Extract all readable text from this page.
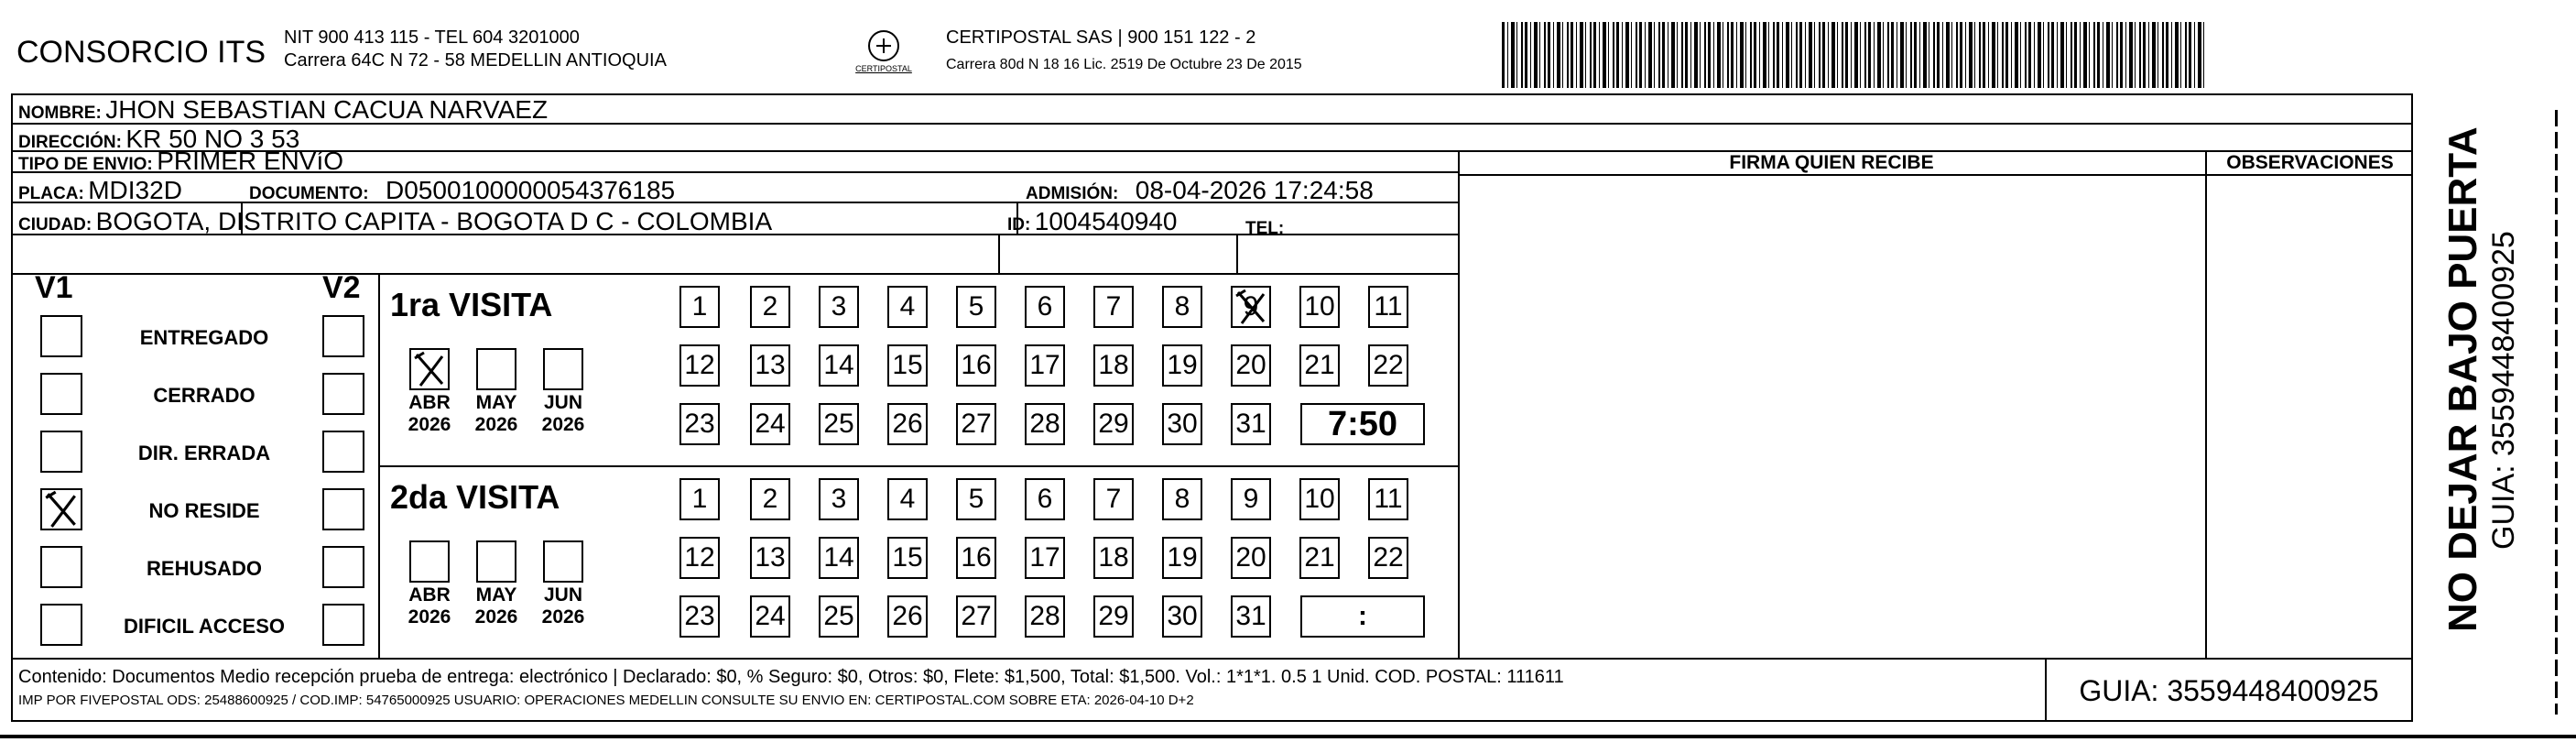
CONSORCIO ITS NIT 900 413 115 - TEL 604 3201000
Carrera 64C N 72 - 58 MEDELLIN ANTIOQUIA	CERTIPOSTAL
CERTIPOSTAL SAS | 900 151 122 - 2
Carrera 80d N 18 16 Lic. 2519 De Octubre 23 De 2015
NOMBRE: JHON SEBASTIAN CACUA NARVAEZ
DIRECCIÓN: KR 50 NO 3 53
TIPO DE ENVIO: PRIMER ENVíO
PLACA: MDI32D	DOCUMENTO: D0500100000054376185	ADMISIÓN: 08-04-2026 17:24:58
CIUDAD: BOGOTA, DISTRITO CAPITA - BOGOTA D C - COLOMBIA	ID: 1004540940	TEL:
FIRMA QUIEN RECIBE	OBSERVACIONES
V1	V2
ENTREGADO
CERRADO
DIR. ERRADA
NO RESIDE
REHUSADO
DIFICIL ACCESO
1ra VISITA
ABR
2026
MAY
2026
JUN
2026
1 2 3 4 5 6 7 8 9 10 11
12 13 14 15 16 17 18 19 20 21 22
23 24 25 26 27 28 29 30 31 7:50
2da VISITA
ABR
2026
MAY
2026
JUN
2026
1 2 3 4 5 6 7 8 9 10 11
12 13 14 15 16 17 18 19 20 21 22
23 24 25 26 27 28 29 30 31	:
Contenido: Documentos Medio recepción prueba de entrega: electrónico | Declarado: $0, % Seguro: $0, Otros: $0, Flete: $1,500, Total: $1,500. Vol.: 1*1*1. 0.5 1 Unid. COD. POSTAL: 111611
IMP POR FIVEPOSTAL ODS: 25488600925 / COD.IMP: 54765000925 USUARIO: OPERACIONES MEDELLIN CONSULTE SU ENVIO EN: CERTIPOSTAL.COM SOBRE ETA: 2026-04-10 D+2	GUIA: 3559448400925
NO DEJAR BAJO PUERTA GUIA: 3559448400925
